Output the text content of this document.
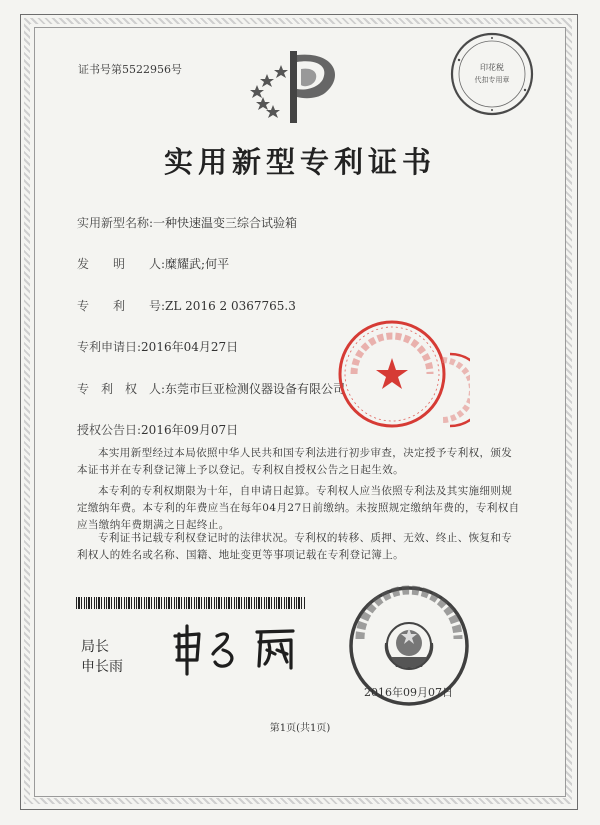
证书号第5522956号
实用新型专利证书
实用新型名称:一种快速温变三综合试验箱
发　　明　　人:糜耀武;何平
专　　利　　号:ZL 2016 2 0367765.3
专利申请日:2016年04月27日
专　利　权　人:东莞市巨亚检测仪器设备有限公司
授权公告日:2016年09月07日
本实用新型经过本局依照中华人民共和国专利法进行初步审查，决定授予专利权，颁发本证书并在专利登记簿上予以登记。专利权自授权公告之日起生效。
本专利的专利权期限为十年，自申请日起算。专利权人应当依照专利法及其实施细则规定缴纳年费。本专利的年费应当在每年04月27日前缴纳。未按照规定缴纳年费的，专利权自应当缴纳年费期满之日起终止。
专利证书记载专利权登记时的法律状况。专利权的转移、质押、无效、终止、恢复和专利权人的姓名或名称、国籍、地址变更等事项记载在专利登记簿上。
局长
申长雨
印花税
代扣专用章
2016年09月07日
第1页(共1页)
